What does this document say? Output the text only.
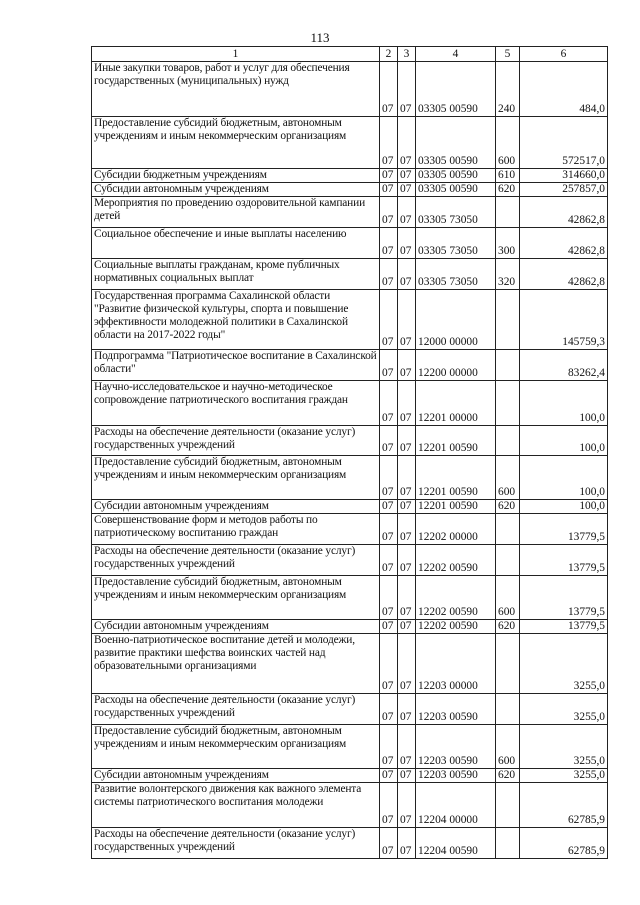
113
1	2	3	4	5	6
Иные закупки товаров, работ и услуг для обеспечения государственных (муниципальных) нужд	07	07	03305 00590	240	484,0
Предоставление субсидий бюджетным, автономным учреждениям и иным некоммерческим организациям	07	07	03305 00590	600	572517,0
Субсидии бюджетным учреждениям	07	07	03305 00590	610	314660,0
Субсидии автономным учреждениям	07	07	03305 00590	620	257857,0
Мероприятия по проведению оздоровительной кампании детей	07	07	03305 73050		42862,8
Социальное обеспечение и иные выплаты населению	07	07	03305 73050	300	42862,8
Социальные выплаты гражданам, кроме публичных нормативных социальных выплат	07	07	03305 73050	320	42862,8
Государственная программа Сахалинской области "Развитие физической культуры, спорта и повышение эффективности молодежной политики в Сахалинской области на 2017-2022 годы"	07	07	12000 00000		145759,3
Подпрограмма "Патриотическое воспитание в Сахалинской области"	07	07	12200 00000		83262,4
Научно-исследовательское и научно-методическое сопровождение патриотического воспитания граждан	07	07	12201 00000		100,0
Расходы на обеспечение деятельности (оказание услуг) государственных учреждений	07	07	12201 00590		100,0
Предоставление субсидий бюджетным, автономным учреждениям и иным некоммерческим организациям	07	07	12201 00590	600	100,0
Субсидии автономным учреждениям	07	07	12201 00590	620	100,0
Совершенствование форм и методов работы по патриотическому воспитанию граждан	07	07	12202 00000		13779,5
Расходы на обеспечение деятельности (оказание услуг) государственных учреждений	07	07	12202 00590		13779,5
Предоставление субсидий бюджетным, автономным учреждениям и иным некоммерческим организациям	07	07	12202 00590	600	13779,5
Субсидии автономным учреждениям	07	07	12202 00590	620	13779,5
Военно-патриотическое воспитание детей и молодежи, развитие практики шефства воинских частей над образовательными организациями	07	07	12203 00000		3255,0
Расходы на обеспечение деятельности (оказание услуг) государственных учреждений	07	07	12203 00590		3255,0
Предоставление субсидий бюджетным, автономным учреждениям и иным некоммерческим организациям	07	07	12203 00590	600	3255,0
Субсидии автономным учреждениям	07	07	12203 00590	620	3255,0
Развитие волонтерского движения как важного элемента системы патриотического воспитания молодежи	07	07	12204 00000		62785,9
Расходы на обеспечение деятельности (оказание услуг) государственных учреждений	07	07	12204 00590		62785,9
